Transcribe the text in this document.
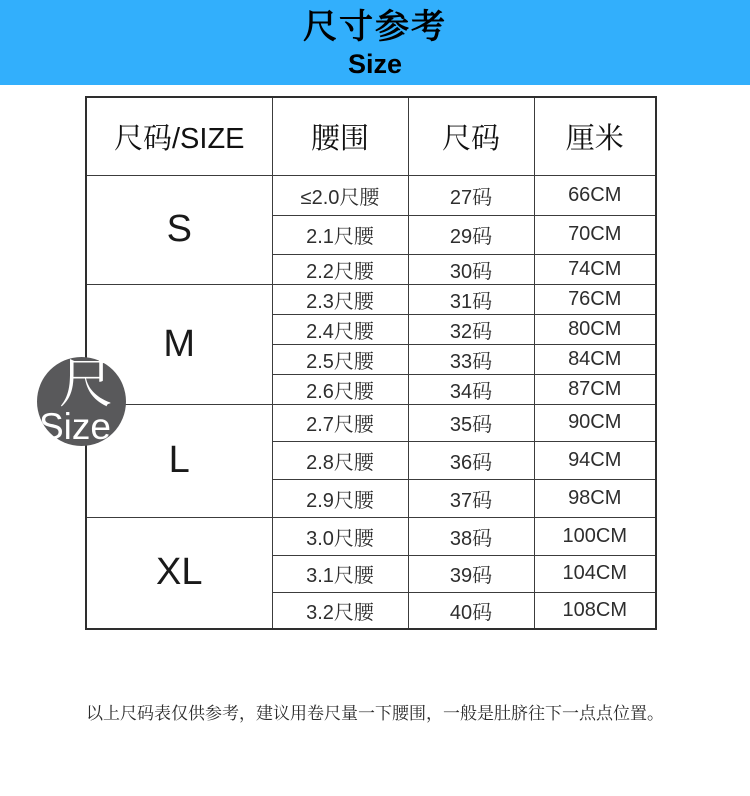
尺寸参考
Size
尺码/SIZE	腰围	尺码	厘米
S	≤2.0尺腰	27码	66CM
	2.1尺腰	29码	70CM
	2.2尺腰	30码	74CM
M	2.3尺腰	31码	76CM
	2.4尺腰	32码	80CM
	2.5尺腰	33码	84CM
	2.6尺腰	34码	87CM
L	2.7尺腰	35码	90CM
	2.8尺腰	36码	94CM
	2.9尺腰	37码	98CM
XL	3.0尺腰	38码	100CM
	3.1尺腰	39码	104CM
	3.2尺腰	40码	108CM
尺
Size
以上尺码表仅供参考，建议用卷尺量一下腰围，一般是肚脐往下一点点位置。
